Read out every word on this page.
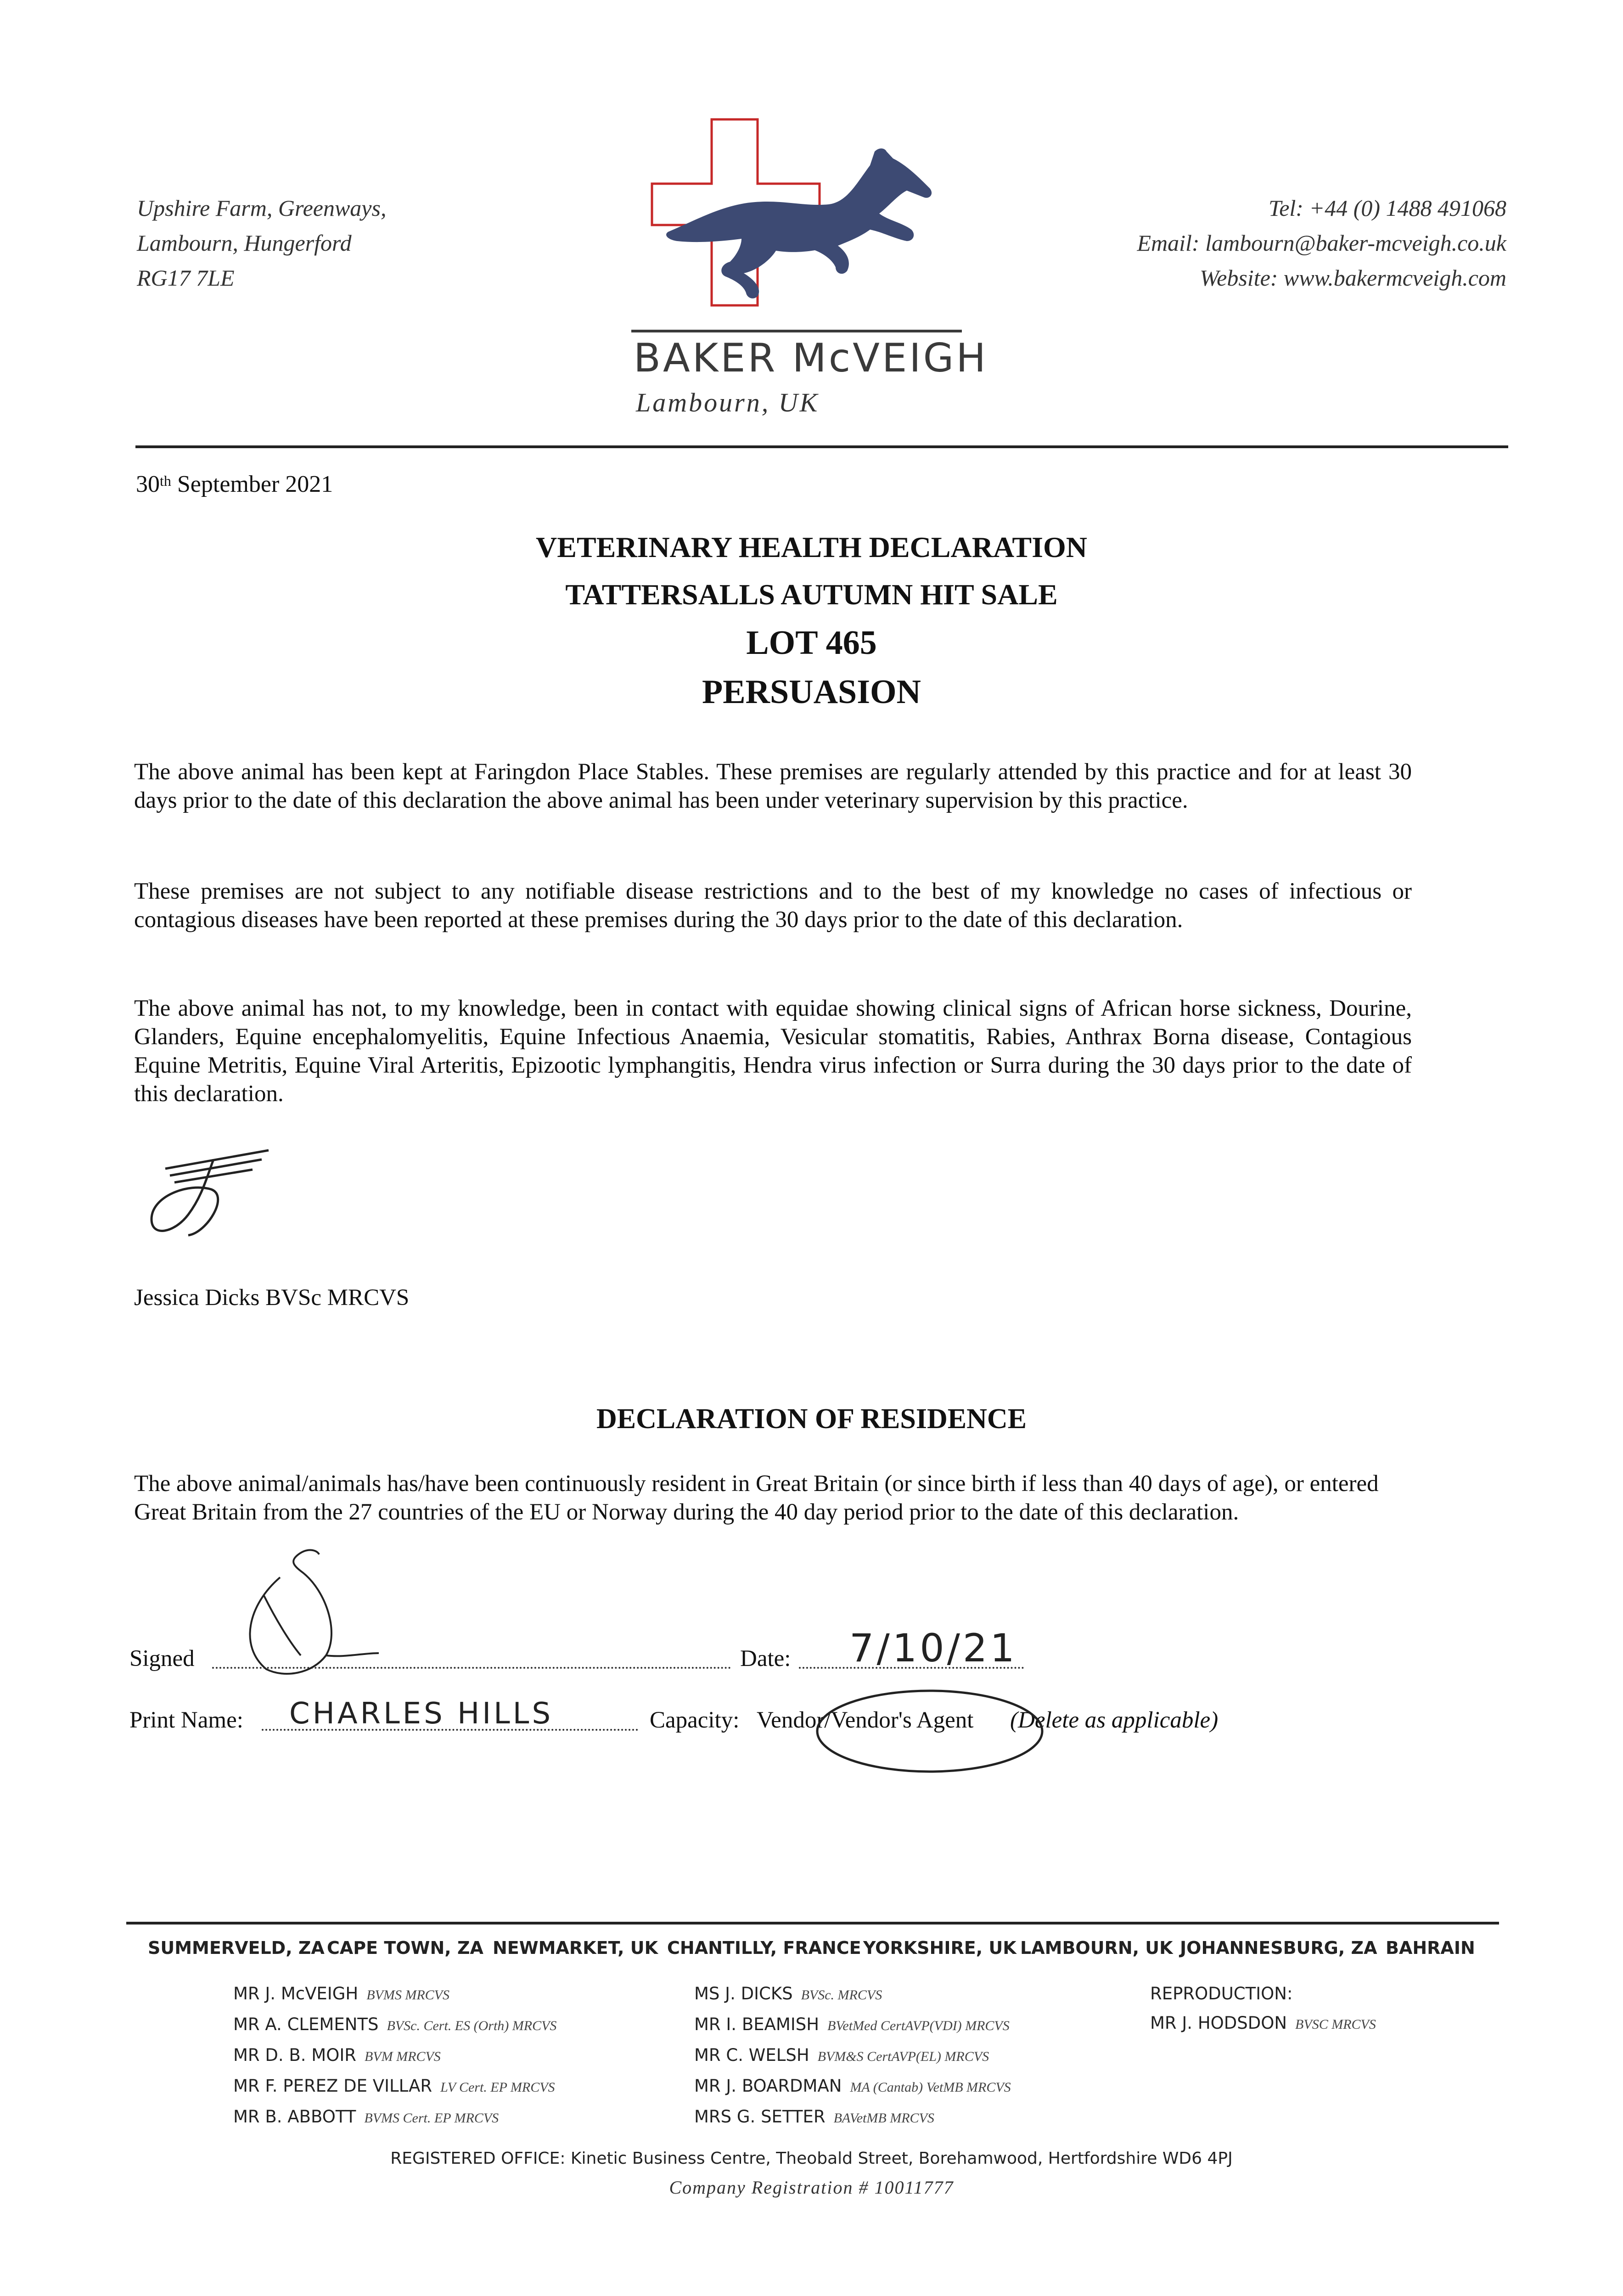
Upshire Farm, Greenways,
Lambourn, Hungerford
RG17 7LE
BAKER McVEIGH
Lambourn, UK
Tel: +44 (0) 1488 491068
Email: lambourn@baker-mcveigh.co.uk
Website: www.bakermcveigh.com
30th September 2021
VETERINARY HEALTH DECLARATION
TATTERSALLS AUTUMN HIT SALE
LOT 465
PERSUASION
The above animal has been kept at Faringdon Place Stables. These premises are regularly attended by this practice and for at least 30 days prior to the date of this declaration the above animal has been under veterinary supervision by this practice.
These premises are not subject to any notifiable disease restrictions and to the best of my knowledge no cases of infectious or contagious diseases have been reported at these premises during the 30 days prior to the date of this declaration.
The above animal has not, to my knowledge, been in contact with equidae showing clinical signs of African horse sickness, Dourine, Glanders, Equine encephalomyelitis, Equine Infectious Anaemia, Vesicular stomatitis, Rabies, Anthrax Borna disease, Contagious Equine Metritis, Equine Viral Arteritis, Epizootic lymphangitis, Hendra virus infection or Surra during the 30 days prior to the date of this declaration.
Jessica Dicks BVSc MRCVS
DECLARATION OF RESIDENCE
The above animal/animals has/have been continuously resident in Great Britain (or since birth if less than 40 days of age), or entered Great Britain from the 27 countries of the EU or Norway during the 40 day period prior to the date of this declaration.
Signed	Date: 7/10/21
Print Name: CHARLES HILLS	Capacity: Vendor/Vendor's Agent (Delete as applicable)
SUMMERVELD, ZA CAPE TOWN, ZA NEWMARKET, UK CHANTILLY, FRANCE YORKSHIRE, UK LAMBOURN, UK JOHANNESBURG, ZA BAHRAIN
MR J. McVEIGH BVMS MRCVS
MR A. CLEMENTS BVSc. Cert. ES (Orth) MRCVS
MR D. B. MOIR BVM MRCVS
MR F. PEREZ DE VILLAR LV Cert. EP MRCVS
MR B. ABBOTT BVMS Cert. EP MRCVS
MS J. DICKS BVSc. MRCVS
MR I. BEAMISH BVetMed CertAVP(VDI) MRCVS
MR C. WELSH BVM&S CertAVP(EL) MRCVS
MR J. BOARDMAN MA (Cantab) VetMB MRCVS
MRS G. SETTER BAVetMB MRCVS
REPRODUCTION:
MR J. HODSDON BVSC MRCVS
REGISTERED OFFICE: Kinetic Business Centre, Theobald Street, Borehamwood, Hertfordshire WD6 4PJ
Company Registration # 10011777
